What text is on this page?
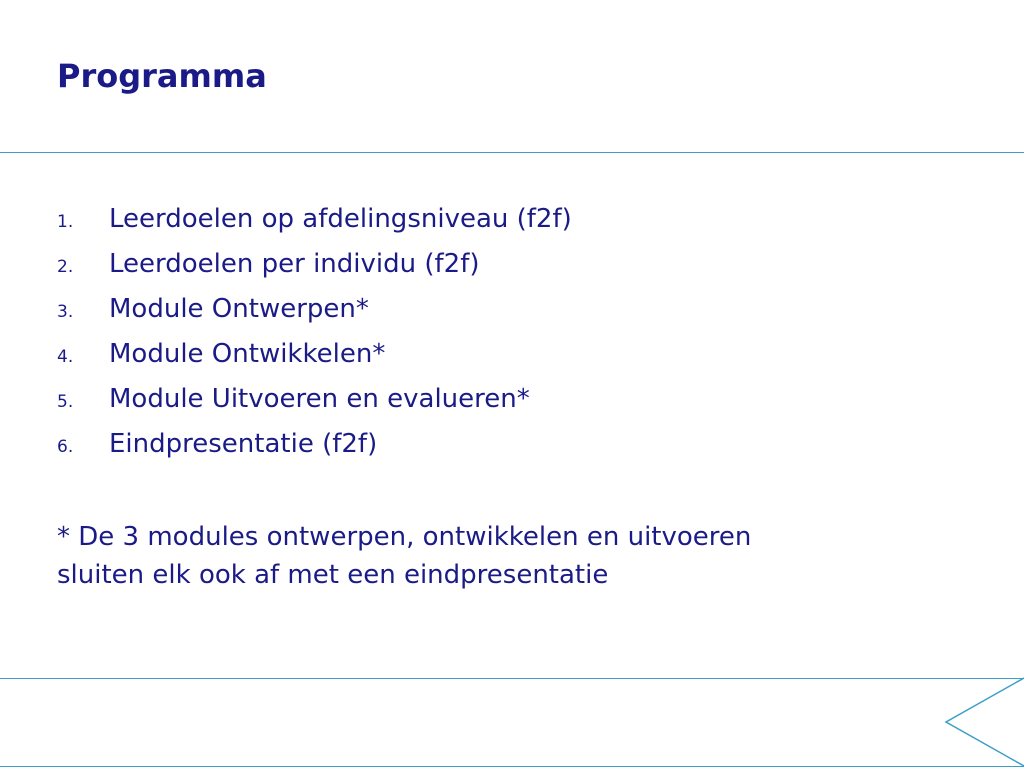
Programma
1.	Leerdoelen op afdelingsniveau (f2f)
2.	Leerdoelen per individu (f2f)
3.	Module Ontwerpen*
4.	Module Ontwikkelen*
5.	Module Uitvoeren en evalueren*
6.	Eindpresentatie (f2f)

* De 3 modules ontwerpen, ontwikkelen en uitvoeren
sluiten elk ook af met een eindpresentatie
